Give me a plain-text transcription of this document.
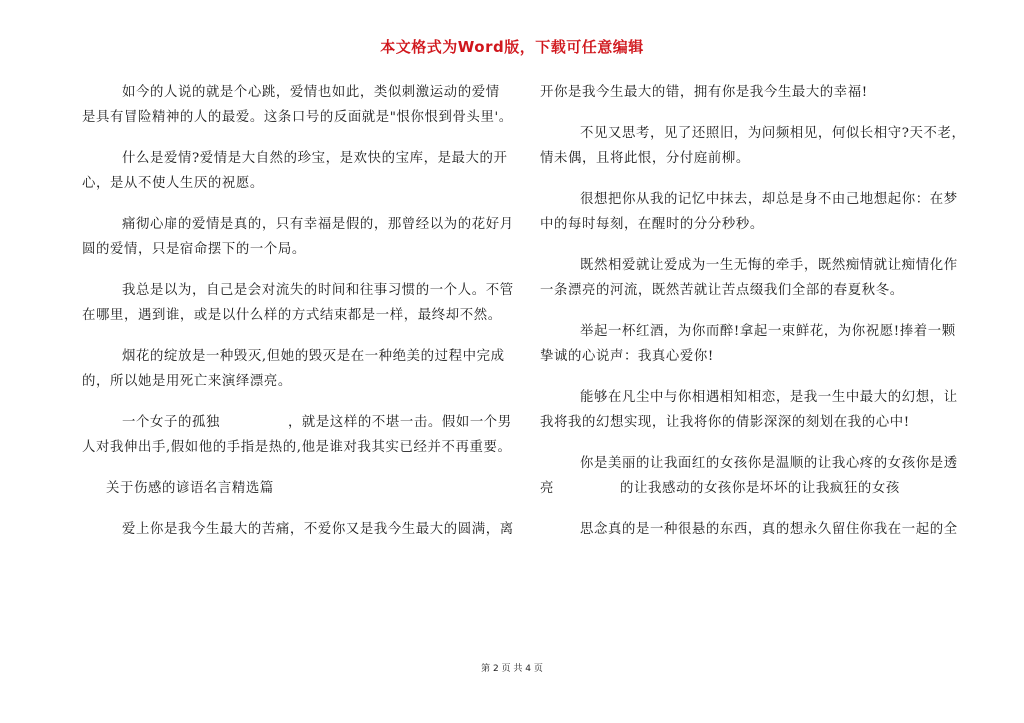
本文格式为Word版，下载可任意编辑
如今的人说的就是个心跳，爱情也如此，类似刺激运动的爱情
是具有冒险精神的人的最爱。这条口号的反面就是"恨你恨到骨头里'。
什么是爱情?爱情是大自然的珍宝，是欢快的宝库，是最大的开
心，是从不使人生厌的祝愿。
痛彻心扉的爱情是真的，只有幸福是假的，那曾经以为的花好月
圆的爱情，只是宿命摆下的一个局。
我总是以为，自己是会对流失的时间和往事习惯的一个人。不管
在哪里，遇到谁，或是以什么样的方式结束都是一样，最终却不然。
烟花的绽放是一种毁灭,但她的毁灭是在一种绝美的过程中完成
的，所以她是用死亡来演绎漂亮。
一个女子的孤独	，就是这样的不堪一击。假如一个男
人对我伸出手,假如他的手指是热的,他是谁对我其实已经并不再重要。
关于伤感的谚语名言精选篇
爱上你是我今生最大的苦痛，不爱你又是我今生最大的圆满，离
开你是我今生最大的错，拥有你是我今生最大的幸福!
不见又思考，见了还照旧，为问频相见，何似长相守?天不老，
情未偶，且将此恨，分付庭前柳。
很想把你从我的记忆中抹去，却总是身不由己地想起你：在梦
中的每时每刻，在醒时的分分秒秒。
既然相爱就让爱成为一生无悔的牵手，既然痴情就让痴情化作
一条漂亮的河流，既然苦就让苦点缀我们全部的春夏秋冬。
举起一杯红酒，为你而醉!拿起一束鲜花，为你祝愿!捧着一颗
挚诚的心说声：我真心爱你!
能够在凡尘中与你相遇相知相恋，是我一生中最大的幻想，让
我将我的幻想实现，让我将你的倩影深深的刻划在我的心中!
你是美丽的让我面红的女孩你是温顺的让我心疼的女孩你是透
亮	的让我感动的女孩你是坏坏的让我疯狂的女孩
思念真的是一种很悬的东西，真的想永久留住你我在一起的全
第 2 页 共 4 页
